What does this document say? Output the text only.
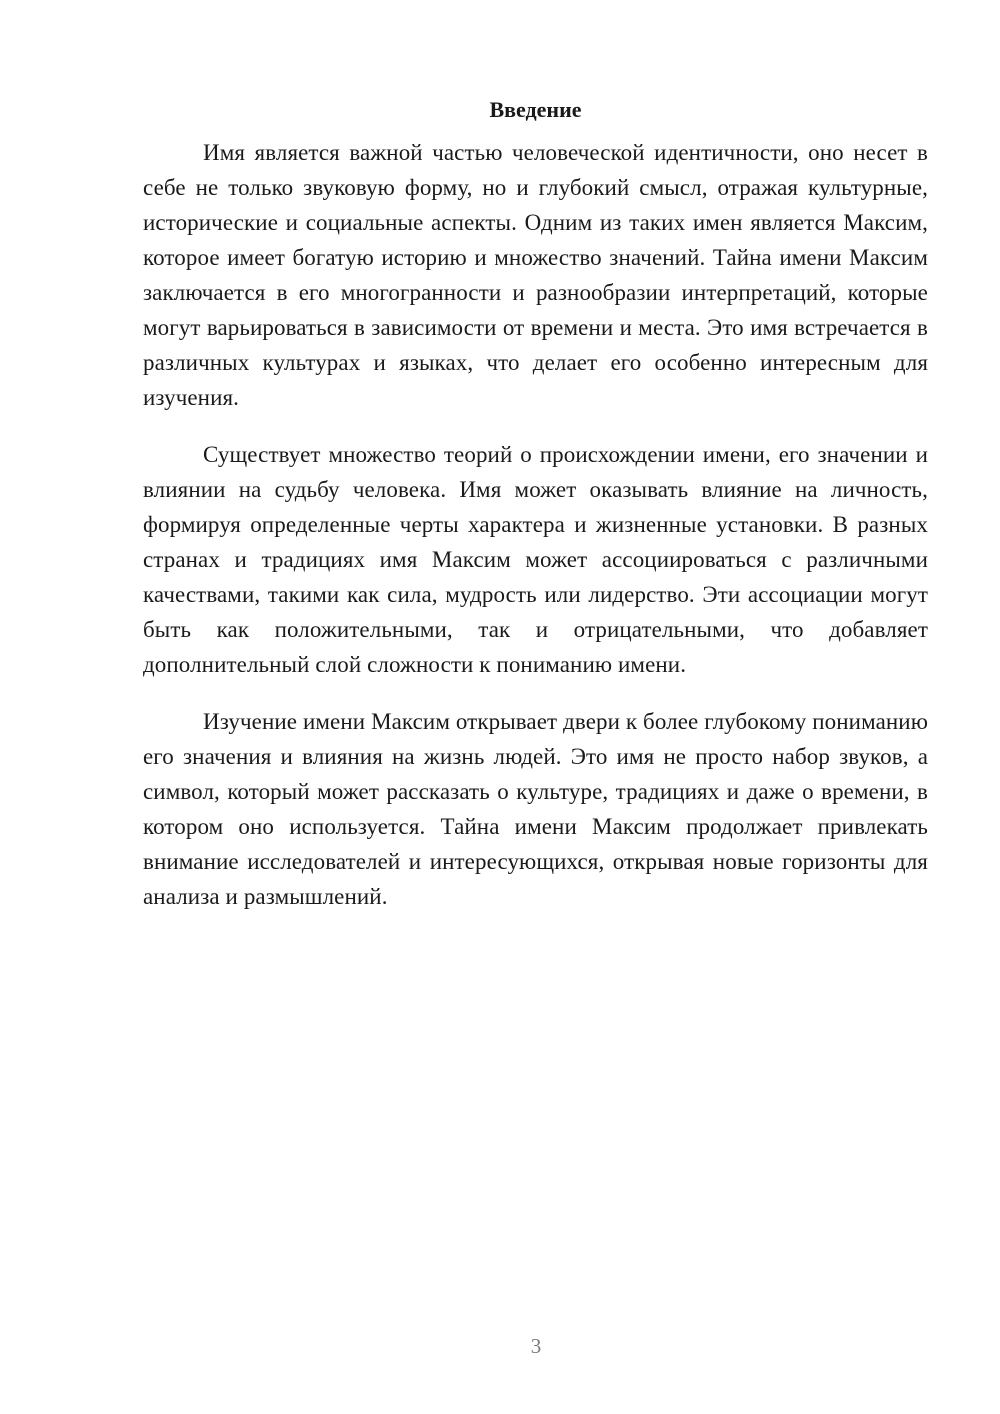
Введение

Имя является важной частью человеческой идентичности, оно несет в себе не только звуковую форму, но и глубокий смысл, отражая культурные, исторические и социальные аспекты. Одним из таких имен является Максим, которое имеет богатую историю и множество значений. Тайна имени Максим заключается в его многогранности и разнообразии интерпретаций, которые могут варьироваться в зависимости от времени и места. Это имя встречается в различных культурах и языках, что делает его особенно интересным для изучения.

Существует множество теорий о происхождении имени, его значении и влиянии на судьбу человека. Имя может оказывать влияние на личность, формируя определенные черты характера и жизненные установки. В разных странах и традициях имя Максим может ассоциироваться с различными качествами, такими как сила, мудрость или лидерство. Эти ассоциации могут быть как положительными, так и отрицательными, что добавляет дополнительный слой сложности к пониманию имени.

Изучение имени Максим открывает двери к более глубокому пониманию его значения и влияния на жизнь людей. Это имя не просто набор звуков, а символ, который может рассказать о культуре, традициях и даже о времени, в котором оно используется. Тайна имени Максим продолжает привлекать внимание исследователей и интересующихся, открывая новые горизонты для анализа и размышлений.

3
